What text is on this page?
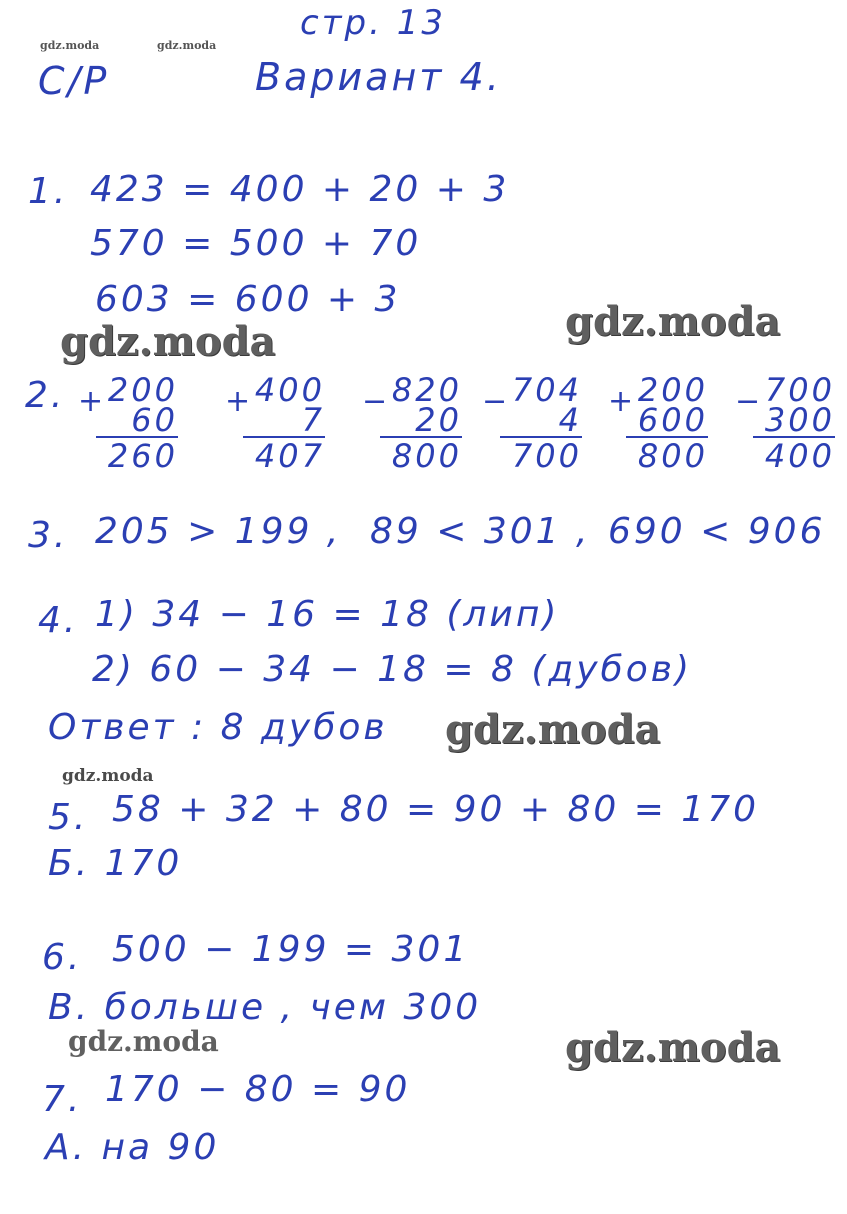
стр. 13
С/Р	Вариант 4.
gdz.moda	gdz.moda
1. 423 = 400 + 20 + 3
570 = 500 + 70
603 = 600 + 3
gdz.moda	gdz.moda
2. + 200
60
260
+ 400
7
407
− 820
20
800
− 704
4
700
+ 200
600
800
− 700
300
400
3. 205 > 199 , 89 < 301 , 690 < 906
4. 1) 34 − 16 = 18 (лип)
2) 60 − 34 − 18 = 8 (дубов)
Ответ : 8 дубов gdz.moda
gdz.moda
5. 58 + 32 + 80 = 90 + 80 = 170
Б. 170
6. 500 − 199 = 301
В. больше , чем 300
gdz.moda	gdz.moda
7. 170 − 80 = 90
А. на 90
